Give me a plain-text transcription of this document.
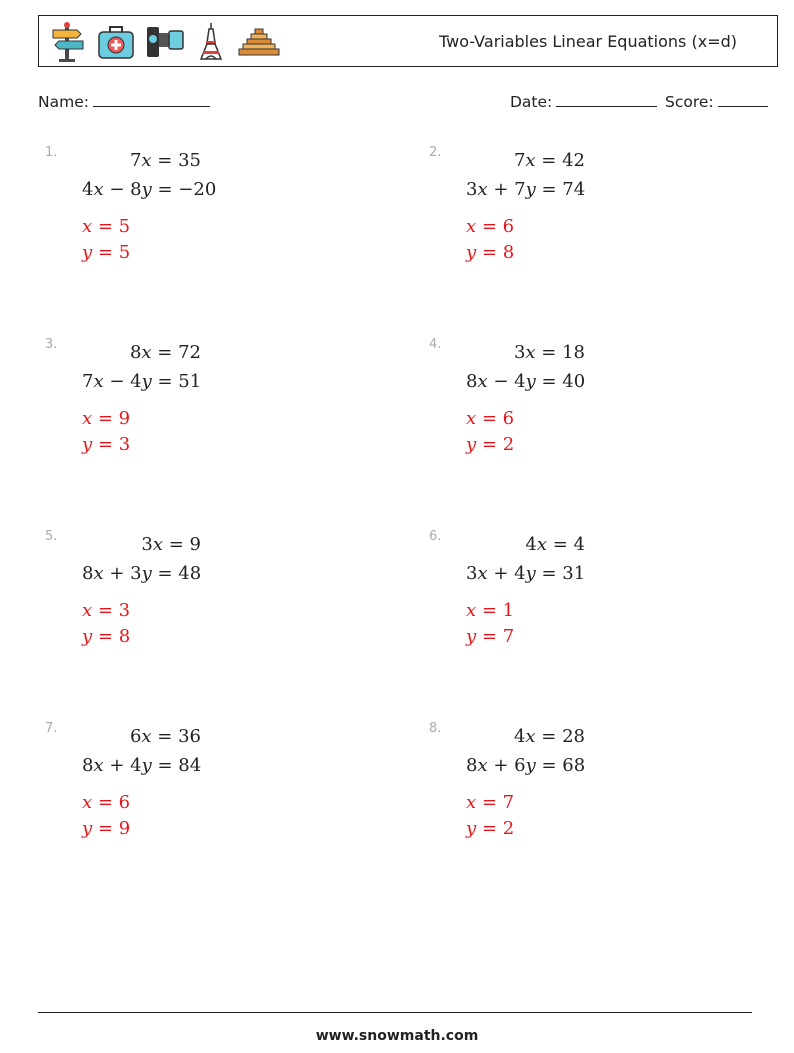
Two-Variables Linear Equations (x=d)
Name:	Date:	Score:
1.	7x = 35
4x − 8y = −20
x = 5
y = 5
2.	7x = 42
3x + 7y = 74
x = 6
y = 8
3.	8x = 72
7x − 4y = 51
x = 9
y = 3
4.	3x = 18
8x − 4y = 40
x = 6
y = 2
5.	3x = 9
8x + 3y = 48
x = 3
y = 8
6.	4x = 4
3x + 4y = 31
x = 1
y = 7
7.	6x = 36
8x + 4y = 84
x = 6
y = 9
8.	4x = 28
8x + 6y = 68
x = 7
y = 2
www.snowmath.com
